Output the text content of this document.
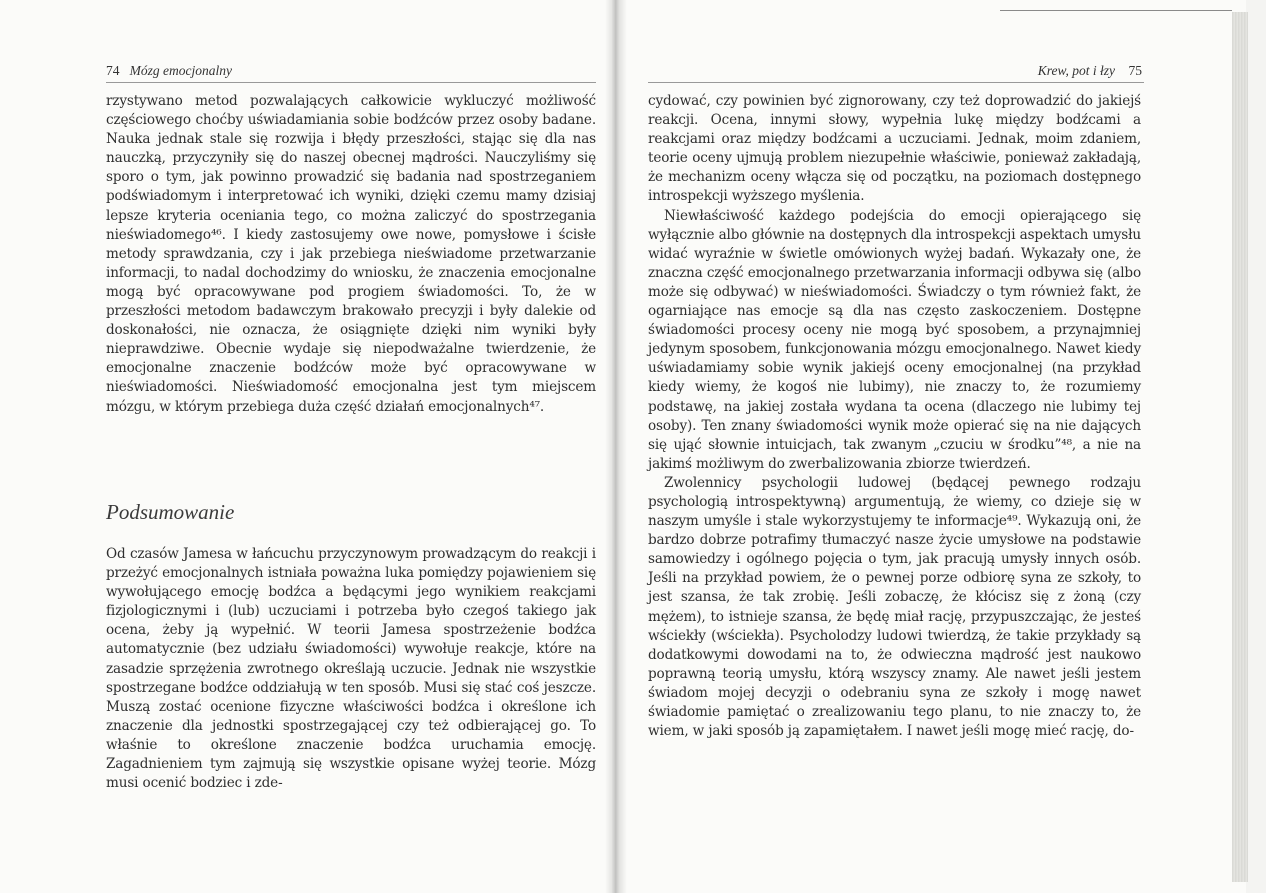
74 Mózg emocjonalny

rzystywano metod pozwalających całkowicie wykluczyć możliwość częściowego choćby uświadamiania sobie bodźców przez osoby badane. Nauka jednak stale się rozwija i błędy przeszłości, stając się dla nas nauczką, przyczyniły się do naszej obecnej mądrości. Nauczyliśmy się sporo o tym, jak powinno prowadzić się badania nad spostrzeganiem podświadomym i interpretować ich wyniki, dzięki czemu mamy dzisiaj lepsze kryteria oceniania tego, co można zaliczyć do spostrzegania nieświadomego⁴⁶. I kiedy zastosujemy owe nowe, pomysłowe i ścisłe metody sprawdzania, czy i jak przebiega nieświadome przetwarzanie informacji, to nadal dochodzimy do wniosku, że znaczenia emocjonalne mogą być opracowywane pod progiem świadomości. To, że w przeszłości metodom badawczym brakowało precyzji i były dalekie od doskonałości, nie oznacza, że osiągnięte dzięki nim wyniki były nieprawdziwe. Obecnie wydaje się niepodważalne twierdzenie, że emocjonalne znaczenie bodźców może być opracowywane w nieświadomości. Nieświadomość emocjonalna jest tym miejscem mózgu, w którym przebiega duża część działań emocjonalnych⁴⁷.

Podsumowanie

Od czasów Jamesa w łańcuchu przyczynowym prowadzącym do reakcji i przeżyć emocjonalnych istniała poważna luka pomiędzy pojawieniem się wywołującego emocję bodźca a będącymi jego wynikiem reakcjami fizjologicznymi i (lub) uczuciami i potrzeba było czegoś takiego jak ocena, żeby ją wypełnić. W teorii Jamesa spostrzeżenie bodźca automatycznie (bez udziału świadomości) wywołuje reakcje, które na zasadzie sprzężenia zwrotnego określają uczucie. Jednak nie wszystkie spostrzegane bodźce oddziałują w ten sposób. Musi się stać coś jeszcze. Muszą zostać ocenione fizyczne właściwości bodźca i określone ich znaczenie dla jednostki spostrzegającej czy też odbierającej go. To właśnie to określone znaczenie bodźca uruchamia emocję. Zagadnieniem tym zajmują się wszystkie opisane wyżej teorie. Mózg musi ocenić bodziec i zde-

Krew, pot i łzy 75

cydować, czy powinien być zignorowany, czy też doprowadzić do jakiejś reakcji. Ocena, innymi słowy, wypełnia lukę między bodźcami a reakcjami oraz między bodźcami a uczuciami. Jednak, moim zdaniem, teorie oceny ujmują problem niezupełnie właściwie, ponieważ zakładają, że mechanizm oceny włącza się od początku, na poziomach dostępnego introspekcji wyższego myślenia.

Niewłaściwość każdego podejścia do emocji opierającego się wyłącznie albo głównie na dostępnych dla introspekcji aspektach umysłu widać wyraźnie w świetle omówionych wyżej badań. Wykazały one, że znaczna część emocjonalnego przetwarzania informacji odbywa się (albo może się odbywać) w nieświadomości. Świadczy o tym również fakt, że ogarniające nas emocje są dla nas często zaskoczeniem. Dostępne świadomości procesy oceny nie mogą być sposobem, a przynajmniej jedynym sposobem, funkcjonowania mózgu emocjonalnego. Nawet kiedy uświadamiamy sobie wynik jakiejś oceny emocjonalnej (na przykład kiedy wiemy, że kogoś nie lubimy), nie znaczy to, że rozumiemy podstawę, na jakiej została wydana ta ocena (dlaczego nie lubimy tej osoby). Ten znany świadomości wynik może opierać się na nie dających się ująć słownie intuicjach, tak zwanym „czuciu w środku”⁴⁸, a nie na jakimś możliwym do zwerbalizowania zbiorze twierdzeń.

Zwolennicy psychologii ludowej (będącej pewnego rodzaju psychologią introspektywną) argumentują, że wiemy, co dzieje się w naszym umyśle i stale wykorzystujemy te informacje⁴⁹. Wykazują oni, że bardzo dobrze potrafimy tłumaczyć nasze życie umysłowe na podstawie samowiedzy i ogólnego pojęcia o tym, jak pracują umysły innych osób. Jeśli na przykład powiem, że o pewnej porze odbiorę syna ze szkoły, to jest szansa, że tak zrobię. Jeśli zobaczę, że kłócisz się z żoną (czy mężem), to istnieje szansa, że będę miał rację, przypuszczając, że jesteś wściekły (wściekła). Psycholodzy ludowi twierdzą, że takie przykłady są dodatkowymi dowodami na to, że odwieczna mądrość jest naukowo poprawną teorią umysłu, którą wszyscy znamy. Ale nawet jeśli jestem świadom mojej decyzji o odebraniu syna ze szkoły i mogę nawet świadomie pamiętać o zrealizowaniu tego planu, to nie znaczy to, że wiem, w jaki sposób ją zapamiętałem. I nawet jeśli mogę mieć rację, do-
